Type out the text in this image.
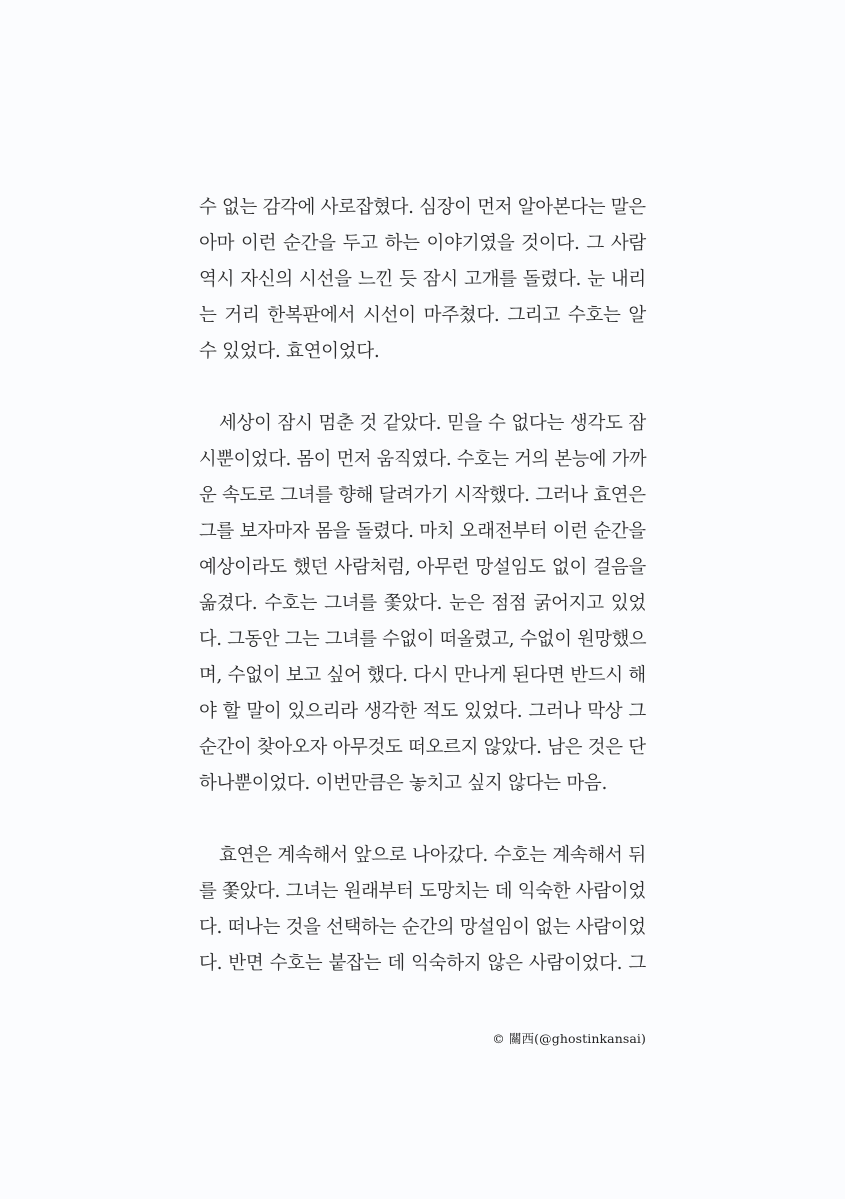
수 없는 감각에 사로잡혔다. 심장이 먼저 알아본다는 말은
아마 이런 순간을 두고 하는 이야기였을 것이다. 그 사람
역시 자신의 시선을 느낀 듯 잠시 고개를 돌렸다. 눈 내리
는 거리 한복판에서 시선이 마주쳤다. 그리고 수호는 알
수 있었다. 효연이었다.
세상이 잠시 멈춘 것 같았다. 믿을 수 없다는 생각도 잠
시뿐이었다. 몸이 먼저 움직였다. 수호는 거의 본능에 가까
운 속도로 그녀를 향해 달려가기 시작했다. 그러나 효연은
그를 보자마자 몸을 돌렸다. 마치 오래전부터 이런 순간을
예상이라도 했던 사람처럼, 아무런 망설임도 없이 걸음을
옮겼다. 수호는 그녀를 쫓았다. 눈은 점점 굵어지고 있었
다. 그동안 그는 그녀를 수없이 떠올렸고, 수없이 원망했으
며, 수없이 보고 싶어 했다. 다시 만나게 된다면 반드시 해
야 할 말이 있으리라 생각한 적도 있었다. 그러나 막상 그
순간이 찾아오자 아무것도 떠오르지 않았다. 남은 것은 단
하나뿐이었다. 이번만큼은 놓치고 싶지 않다는 마음.
효연은 계속해서 앞으로 나아갔다. 수호는 계속해서 뒤
를 쫓았다. 그녀는 원래부터 도망치는 데 익숙한 사람이었
다. 떠나는 것을 선택하는 순간의 망설임이 없는 사람이었
다. 반면 수호는 붙잡는 데 익숙하지 않은 사람이었다. 그
© 關西(@ghostinkansai)
